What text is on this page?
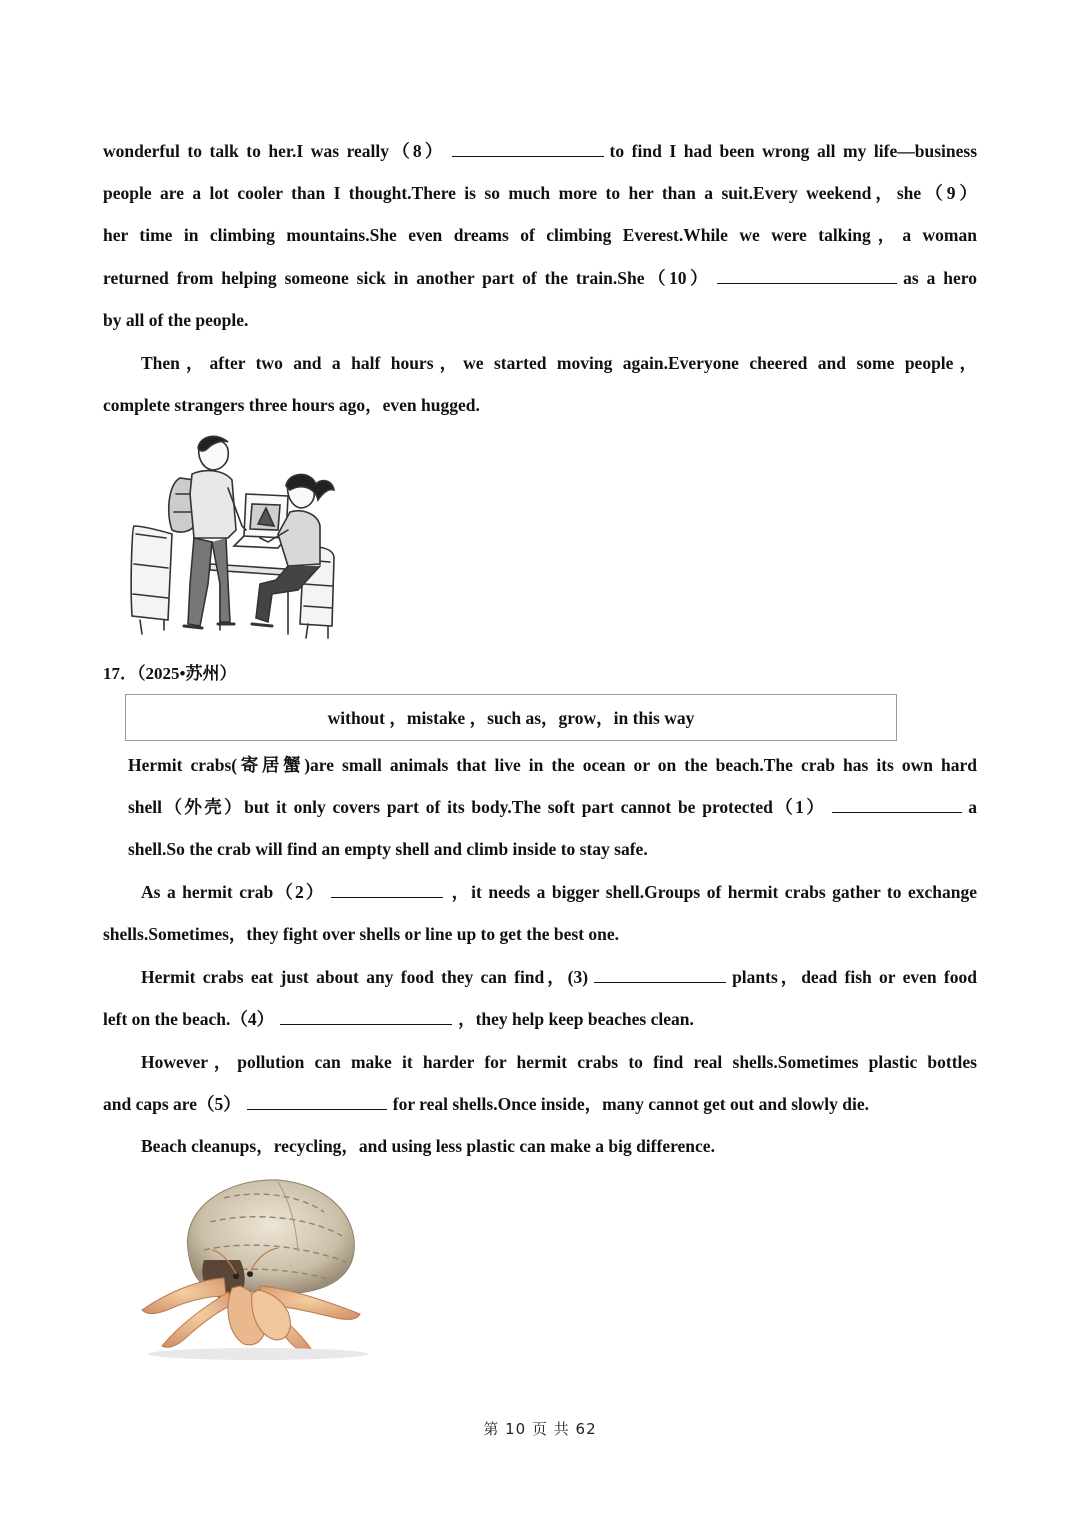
wonderful to talk to her.I was really（8）	to find I had been wrong all my life—business
people are a lot cooler than I thought.There is so much more to her than a suit.Every weekend，she（9）
her time in climbing mountains.She even dreams of climbing Everest.While we were talking，a woman
returned from helping someone sick in another part of the train.She（10）	as a hero
by all of the people.
Then，after two and a half hours，we started moving again.Everyone cheered and some people，
complete strangers three hours ago，even hugged.
17．（2025•苏州）
without ，mistake ，such as，grow，in this way
Hermit crabs(寄居蟹)are small animals that live in the ocean or on the beach.The crab has its own hard
shell（外壳）but it only covers part of its body.The soft part cannot be protected（1）	a
shell.So the crab will find an empty shell and climb inside to stay safe.
As a hermit crab（2）	，it needs a bigger shell.Groups of hermit crabs gather to exchange
shells.Sometimes，they fight over shells or line up to get the best one.
Hermit crabs eat just about any food they can find，(3)	plants，dead fish or even food
left on the beach.（4）	，they help keep beaches clean.
However，pollution can make it harder for hermit crabs to find real shells.Sometimes plastic bottles
and caps are（5）	for real shells.Once inside，many cannot get out and slowly die.
Beach cleanups，recycling，and using less plastic can make a big difference.
第 10 页 共 62
